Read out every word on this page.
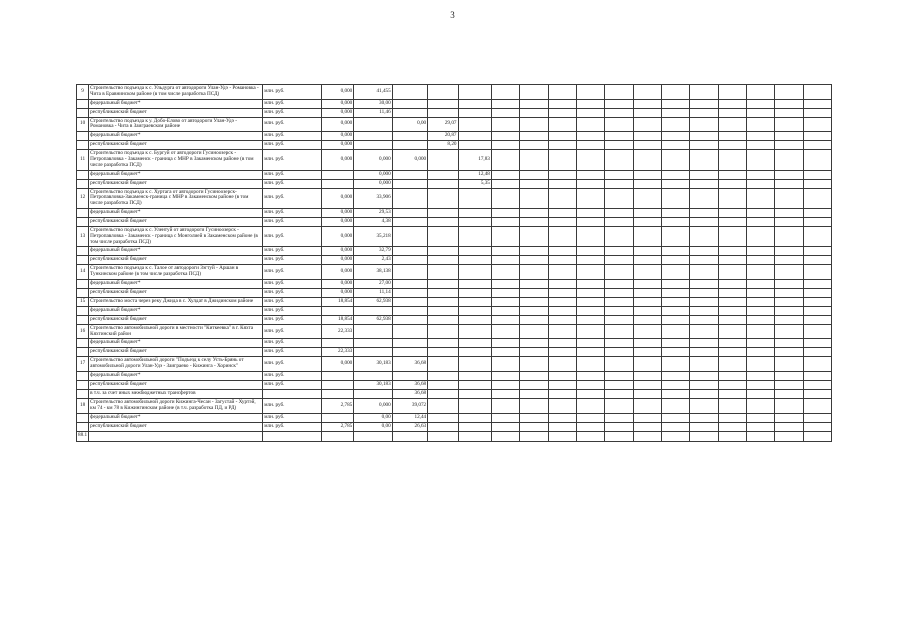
3
9	Строительство подъезда к с. Ульдурга от автодороги Улан-Удэ - Романовка - Чита в Еравнинском районе (в том числе разработка ПСД)	млн. руб.	0,000	41,455															
	федеральный бюджет*	млн. руб.	0,000	30,00															
	республиканский бюджет	млн. руб.	0,000	11,46															
10	Строительство подъезда к у. Добо-Елово от автодороги Улан-Удэ - Романовка - Чита в Заиграевском районе	млн. руб.	0,000		0,00	29,07													
	федеральный бюджет*	млн. руб.	0,000			20,87													
	республиканский бюджет	млн. руб.	0,000			8,20													
11	Строительство подъезда к с. Бургуй от автодороги Гусиноозерск - Петропавловка - Закаменск - граница с МНР в Закаменском районе (в том числе разработка ПСД)	млн. руб.	0,000	0,000	0,000		17,83												
	федеральный бюджет*	млн. руб.		0,000			12,48												
	республиканский бюджет	млн. руб.		0,000			5,35												
12	Строительство подъезда к с. Хуртага от автодороги Гусиноозерск-Петропавловка-Закаменск-граница с МНР в Закаменском районе (в том числе разработка ПСД)	млн. руб.	0,000	33,906															
	федеральный бюджет*	млн. руб.	0,000	29,53															
	республиканский бюджет	млн. руб.	0,000	4,38															
13	Строительство подъезда к с. Улентуй от автодороги Гусиноозерск - Петропавловка - Закаменск - граница с Монголией в Закаменском районе (в том числе разработка ПСД)	млн. руб.	0,000	35,218															
	федеральный бюджет*	млн. руб.	0,000	32,79															
	республиканский бюджет	млн. руб.	0,000	2,43															
14	Строительство подъезда к с. Талое от автодороги Зэгтуй - Аршан в Тункинском районе (в том числе разработка ПСД)	млн. руб.	0,000	38,138															
	федеральный бюджет*	млн. руб.	0,000	27,00															
	республиканский бюджет	млн. руб.	0,000	11,14															
15	Строительство моста через реку Джида в с. Хулдат в Джидинском районе	млн. руб.	18,854	62,938															
	федеральный бюджет*	млн. руб.																	
	республиканский бюджет	млн. руб.	18,854	62,938															
16	Строительство автомобильной дороги в местности "Киткеевка" в г. Кяхта Кяхтинский район	млн. руб.	22,333																
	федеральный бюджет*	млн. руб.																	
	республиканский бюджет	млн. руб.	22,333																
17	Строительство автомобильной дороги "Подъезд к селу Усть-Брянь от автомобильной дороги Улан-Удэ - Заиграево - Кижинга - Хоринск"	млн. руб.	0,000	30,183	36,68														
	федеральный бюджет*	млн. руб.																	
	республиканский бюджет	млн. руб.		30,183	36,68														
	в т.ч. за счет иных межбюджетных трансфертов				36,68														
18	Строительство автомобильной дороги Кижинга-Чесан - Загустай - Хуртэй, км 74 - км 78 в Кижингинском районе (в т.ч. разработка ПД, и РД)	млн. руб.	2,785	0,000	39,072														
	федеральный бюджет*	млн. руб.		0,00	12,44														
	республиканский бюджет	млн. руб.	2,785	0,00	26,63														
88.1																			
